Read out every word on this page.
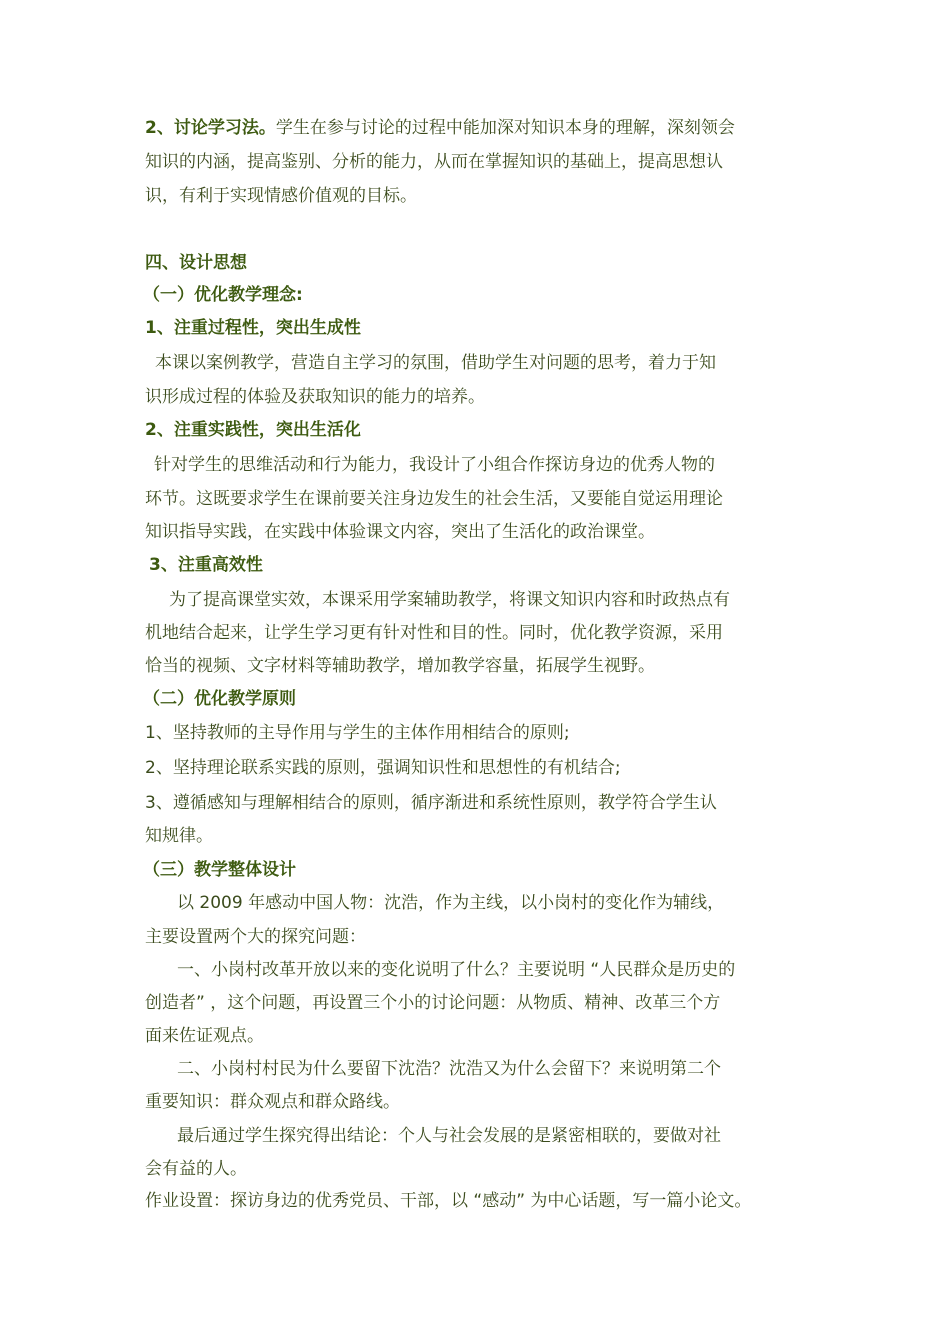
2、讨论学习法。学生在参与讨论的过程中能加深对知识本身的理解，深刻领会
知识的内涵，提高鉴别、分析的能力，从而在掌握知识的基础上，提高思想认
识，有利于实现情感价值观的目标。
四、设计思想
（一）优化教学理念:
1、注重过程性，突出生成性
本课以案例教学，营造自主学习的氛围，借助学生对问题的思考，着力于知
识形成过程的体验及获取知识的能力的培养。
2、注重实践性，突出生活化
针对学生的思维活动和行为能力，我设计了小组合作探访身边的优秀人物的
环节。这既要求学生在课前要关注身边发生的社会生活，又要能自觉运用理论
知识指导实践，在实践中体验课文内容，突出了生活化的政治课堂。
3、注重高效性
为了提高课堂实效，本课采用学案辅助教学，将课文知识内容和时政热点有
机地结合起来，让学生学习更有针对性和目的性。同时，优化教学资源，采用
恰当的视频、文字材料等辅助教学，增加教学容量，拓展学生视野。
（二）优化教学原则
1、坚持教师的主导作用与学生的主体作用相结合的原则;
2、坚持理论联系实践的原则，强调知识性和思想性的有机结合;
3、遵循感知与理解相结合的原则，循序渐进和系统性原则，教学符合学生认
知规律。
（三）教学整体设计
以 2009 年感动中国人物：沈浩，作为主线，以小岗村的变化作为辅线，
主要设置两个大的探究问题：
一、小岗村改革开放以来的变化说明了什么？主要说明 “人民群众是历史的
创造者” ，这个问题，再设置三个小的讨论问题：从物质、精神、改革三个方
面来佐证观点。
二、小岗村村民为什么要留下沈浩？沈浩又为什么会留下？来说明第二个
重要知识：群众观点和群众路线。
最后通过学生探究得出结论：个人与社会发展的是紧密相联的，要做对社
会有益的人。
作业设置：探访身边的优秀党员、干部，以 “感动” 为中心话题，写一篇小论文。
